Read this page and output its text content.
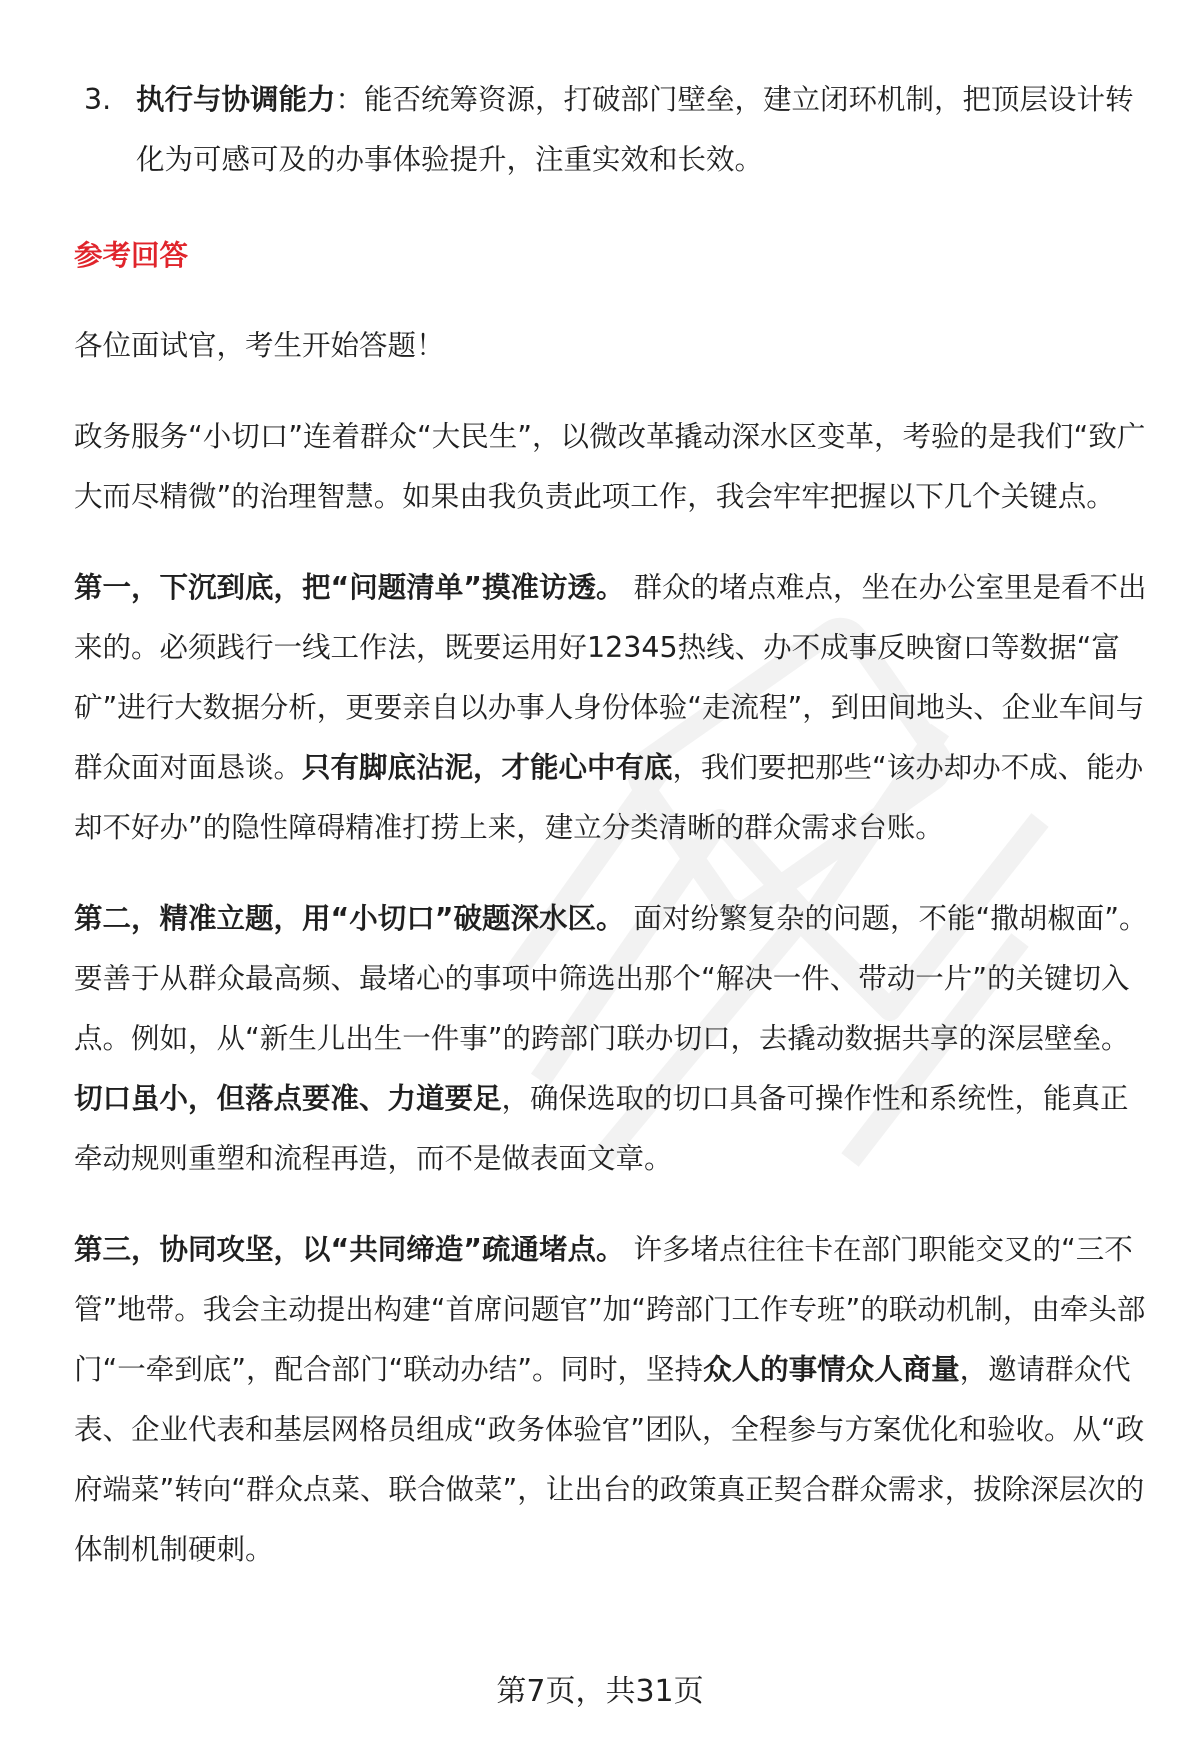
3. 执行与协调能力：能否统筹资源，打破部门壁垒，建立闭环机制，把顶层设计转化为可感可及的办事体验提升，注重实效和长效。
参考回答

各位面试官，考生开始答题！

政务服务“小切口”连着群众“大民生”，以微改革撬动深水区变革，考验的是我们“致广大而尽精微”的治理智慧。如果由我负责此项工作，我会牢牢把握以下几个关键点。

第一，下沉到底，把“问题清单”摸准访透。 群众的堵点难点，坐在办公室里是看不出来的。必须践行一线工作法，既要运用好12345热线、办不成事反映窗口等数据“富矿”进行大数据分析，更要亲自以办事人身份体验“走流程”，到田间地头、企业车间与群众面对面恳谈。只有脚底沾泥，才能心中有底，我们要把那些“该办却办不成、能办却不好办”的隐性障碍精准打捞上来，建立分类清晰的群众需求台账。

第二，精准立题，用“小切口”破题深水区。 面对纷繁复杂的问题，不能“撒胡椒面”。要善于从群众最高频、最堵心的事项中筛选出那个“解决一件、带动一片”的关键切入点。例如，从“新生儿出生一件事”的跨部门联办切口，去撬动数据共享的深层壁垒。切口虽小，但落点要准、力道要足，确保选取的切口具备可操作性和系统性，能真正牵动规则重塑和流程再造，而不是做表面文章。

第三，协同攻坚，以“共同缔造”疏通堵点。 许多堵点往往卡在部门职能交叉的“三不管”地带。我会主动提出构建“首席问题官”加“跨部门工作专班”的联动机制，由牵头部门“一牵到底”，配合部门“联动办结”。同时，坚持众人的事情众人商量，邀请群众代表、企业代表和基层网格员组成“政务体验官”团队，全程参与方案优化和验收。从“政府端菜”转向“群众点菜、联合做菜”，让出台的政策真正契合群众需求，拔除深层次的体制机制硬刺。

第7页，共31页
